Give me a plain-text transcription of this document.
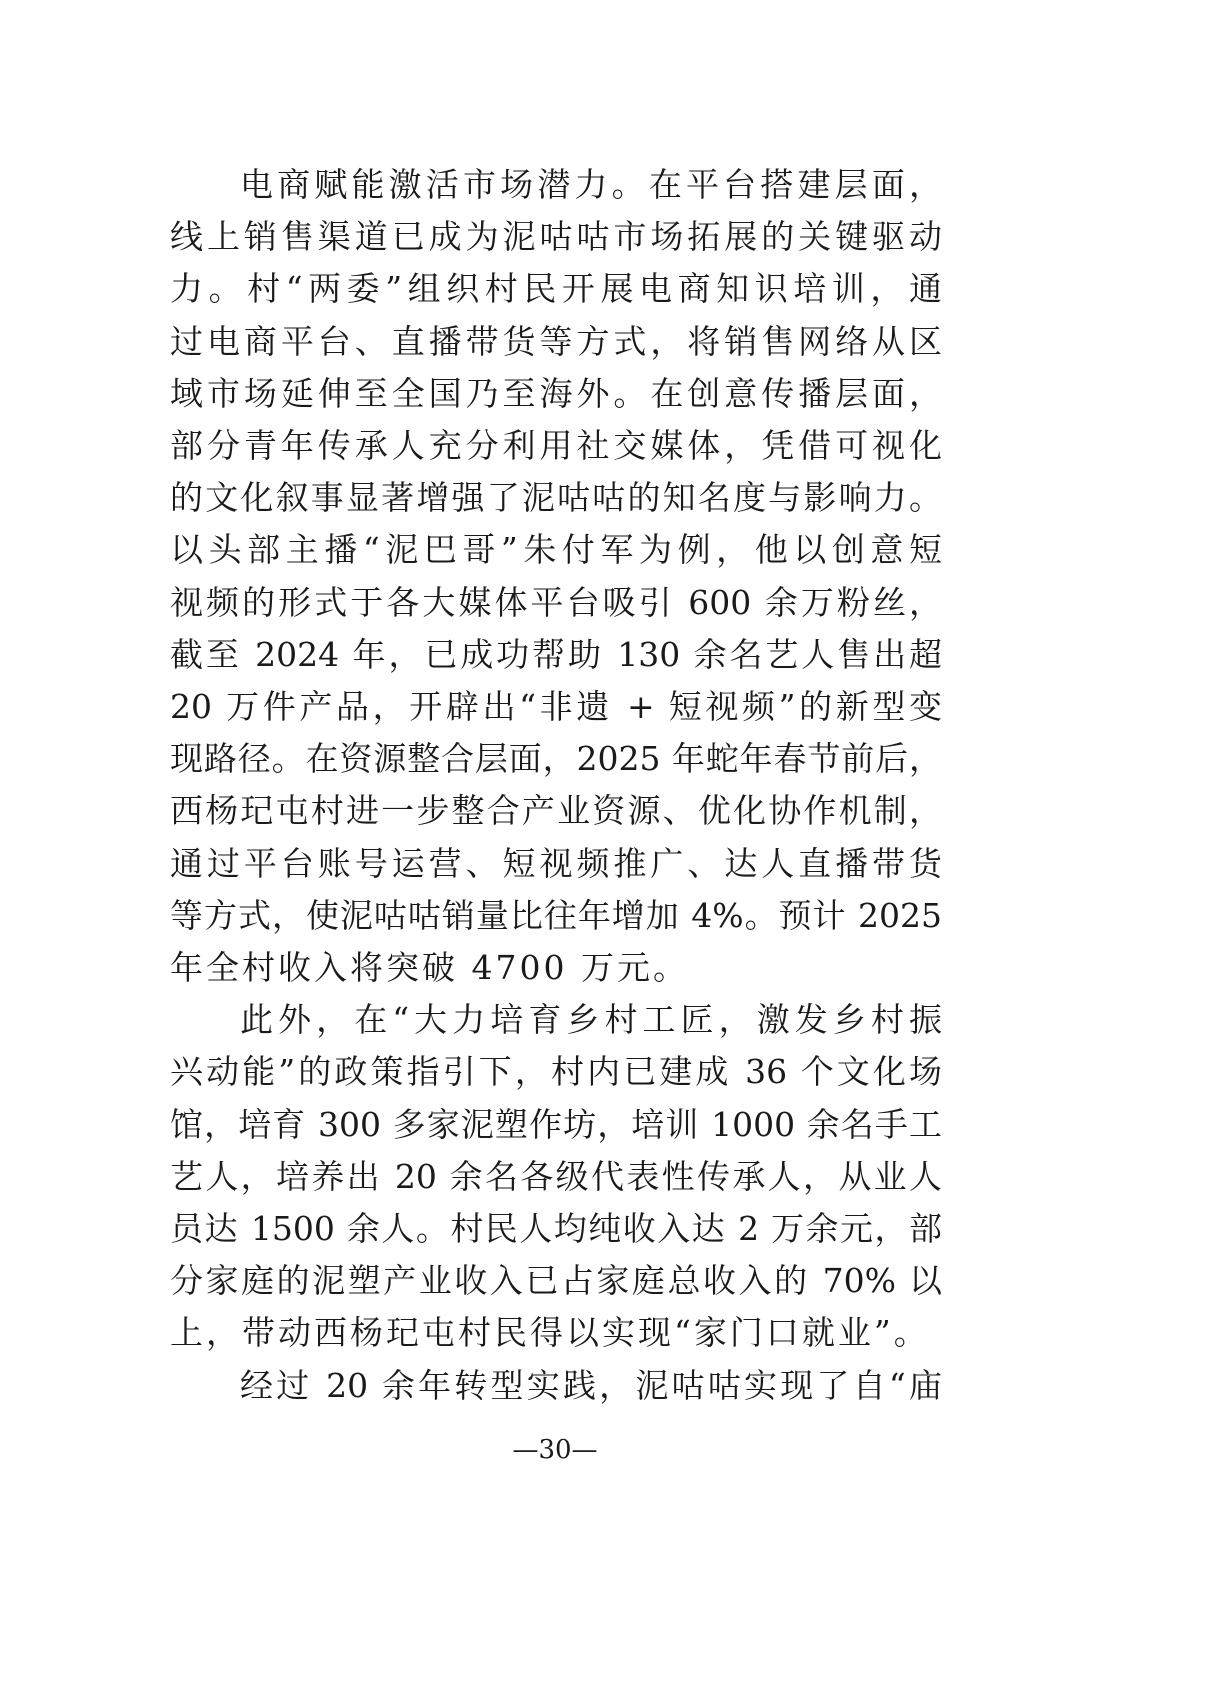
电商赋能激活市场潜力。在平台搭建层面，
线上销售渠道已成为泥咕咕市场拓展的关键驱动
力。村“两委”组织村民开展电商知识培训，通
过电商平台、直播带货等方式，将销售网络从区
域市场延伸至全国乃至海外。在创意传播层面，
部分青年传承人充分利用社交媒体，凭借可视化
的文化叙事显著增强了泥咕咕的知名度与影响力。
以头部主播“泥巴哥”朱付军为例，他以创意短
视频的形式于各大媒体平台吸引 600 余万粉丝，
截至 2024 年，已成功帮助 130 余名艺人售出超
20 万件产品，开辟出“非遗 + 短视频”的新型变
现路径。在资源整合层面，2025 年蛇年春节前后，
西杨玘屯村进一步整合产业资源、优化协作机制，
通过平台账号运营、短视频推广、达人直播带货
等方式，使泥咕咕销量比往年增加 4%。预计 2025
年全村收入将突破 4700 万元。
此外，在“大力培育乡村工匠，激发乡村振
兴动能”的政策指引下，村内已建成 36 个文化场
馆，培育 300 多家泥塑作坊，培训 1000 余名手工
艺人，培养出 20 余名各级代表性传承人，从业人
员达 1500 余人。村民人均纯收入达 2 万余元，部
分家庭的泥塑产业收入已占家庭总收入的 70% 以
上，带动西杨玘屯村民得以实现“家门口就业”。
经过 20 余年转型实践，泥咕咕实现了自“庙
—30—
